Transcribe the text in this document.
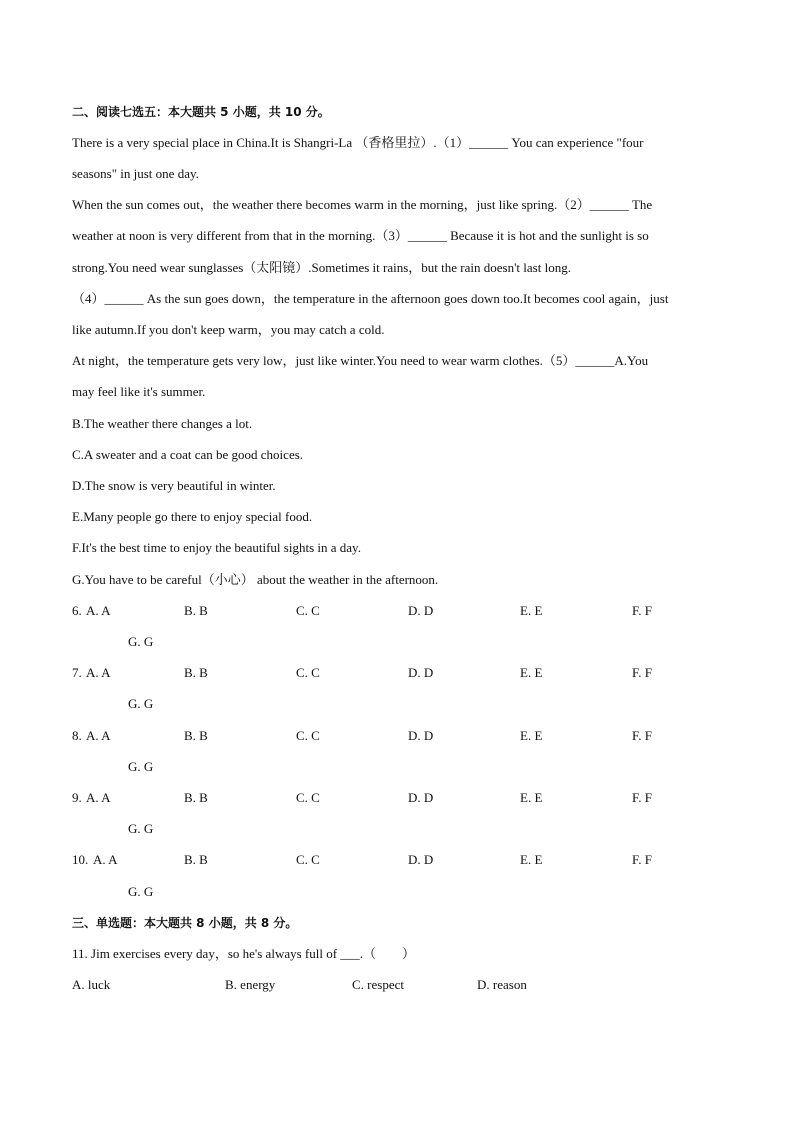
二、阅读七选五：本大题共 5 小题，共 10 分。
There is a very special place in China.It is Shangri-La （香格里拉）.（1）______ You can experience "four
seasons" in just one day.
When the sun comes out，the weather there becomes warm in the morning，just like spring.（2）______ The
weather at noon is very different from that in the morning.（3）______ Because it is hot and the sunlight is so
strong.You need wear sunglasses（太阳镜）.Sometimes it rains，but the rain doesn't last long.
（4）______ As the sun goes down，the temperature in the afternoon goes down too.It becomes cool again，just
like autumn.If you don't keep warm，you may catch a cold.
At night，the temperature gets very low，just like winter.You need to wear warm clothes.（5）______A.You
may feel like it's summer.
B.The weather there changes a lot.
C.A sweater and a coat can be good choices.
D.The snow is very beautiful in winter.
E.Many people go there to enjoy special food.
F.It's the best time to enjoy the beautiful sights in a day.
G.You have to be careful（小心） about the weather in the afternoon.
6. A. A	B. B	C. C	D. D	E. E	F. F
G. G
7. A. A	B. B	C. C	D. D	E. E	F. F
G. G
8. A. A	B. B	C. C	D. D	E. E	F. F
G. G
9. A. A	B. B	C. C	D. D	E. E	F. F
G. G
10. A. A	B. B	C. C	D. D	E. E	F. F
G. G
三、单选题：本大题共 8 小题，共 8 分。
11. Jim exercises every day，so he's always full of ___.（　　）
A. luck	B. energy	C. respect	D. reason
